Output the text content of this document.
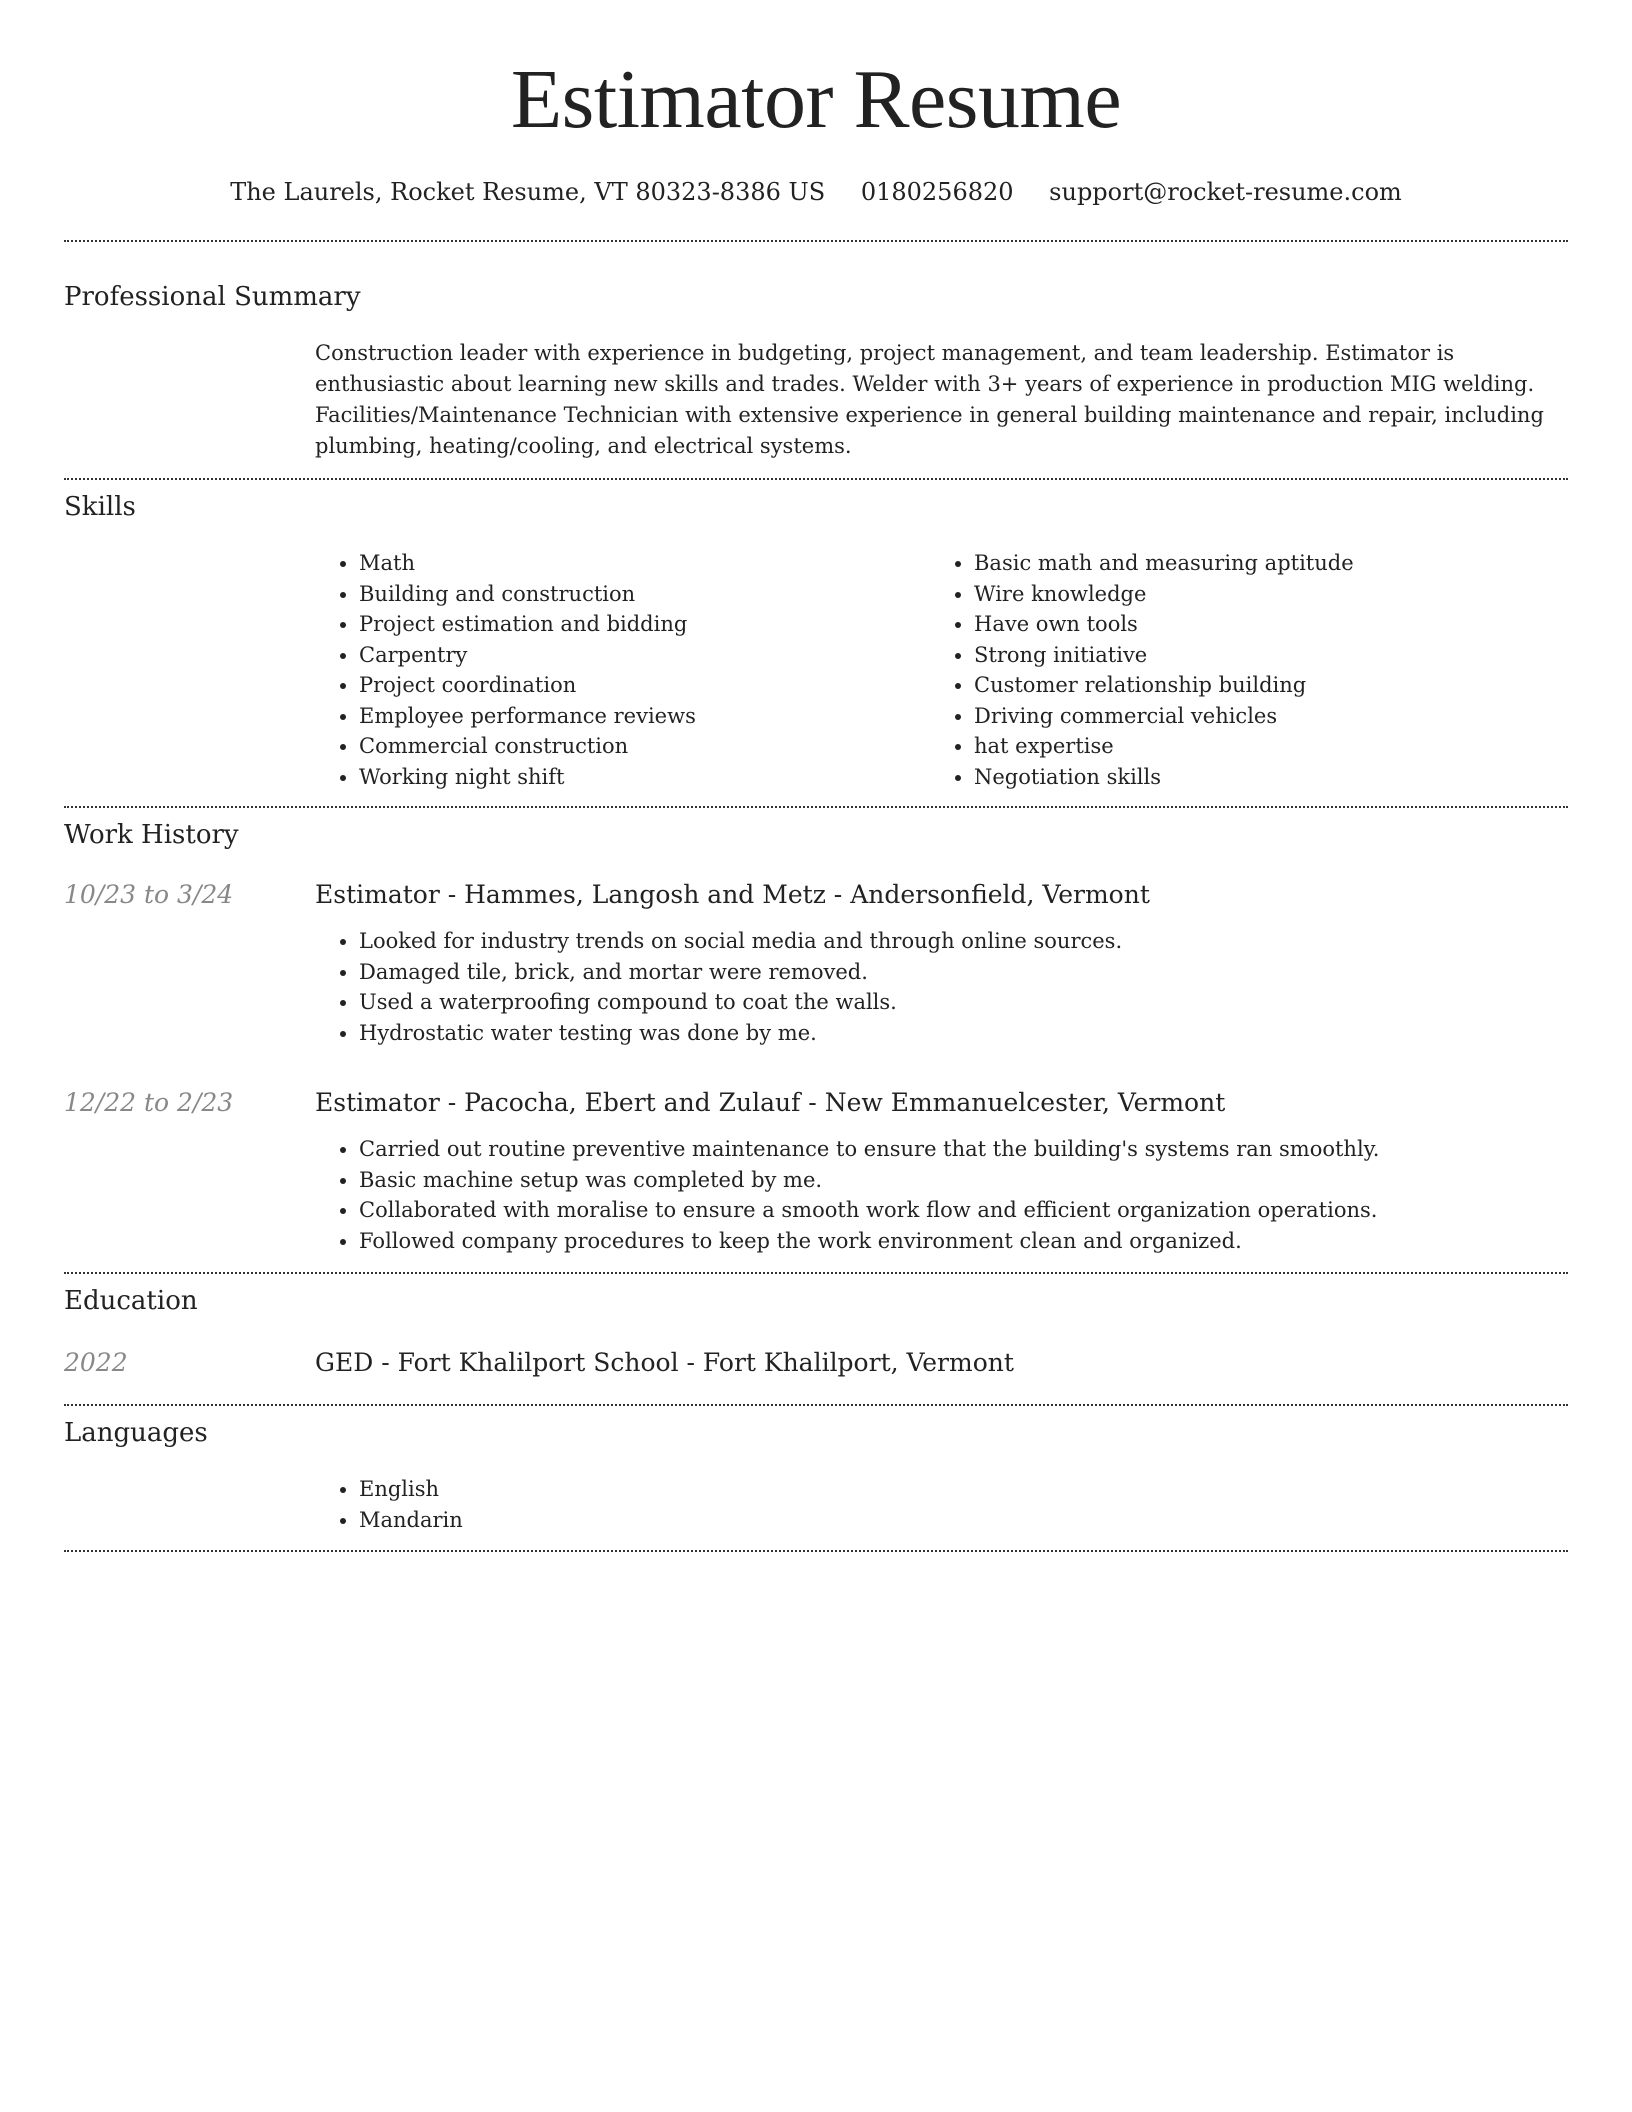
Estimator Resume
The Laurels, Rocket Resume, VT 80323-8386 US 0180256820 support@rocket-resume.com
Professional Summary

Construction leader with experience in budgeting, project management, and team leadership. Estimator is enthusiastic about learning new skills and trades. Welder with 3+ years of experience in production MIG welding. Facilities/Maintenance Technician with extensive experience in general building maintenance and repair, including plumbing, heating/cooling, and electrical systems.

Skills
• Math
• Building and construction
• Project estimation and bidding
• Carpentry
• Project coordination
• Employee performance reviews
• Commercial construction
• Working night shift
• Basic math and measuring aptitude
• Wire knowledge
• Have own tools
• Strong initiative
• Customer relationship building
• Driving commercial vehicles
• hat expertise
• Negotiation skills
Work History
10/23 to 3/24	Estimator - Hammes, Langosh and Metz - Andersonfield, Vermont
• Looked for industry trends on social media and through online sources.
• Damaged tile, brick, and mortar were removed.
• Used a waterproofing compound to coat the walls.
• Hydrostatic water testing was done by me.
12/22 to 2/23	Estimator - Pacocha, Ebert and Zulauf - New Emmanuelcester, Vermont
• Carried out routine preventive maintenance to ensure that the building's systems ran smoothly.
• Basic machine setup was completed by me.
• Collaborated with moralise to ensure a smooth work flow and efficient organization operations.
• Followed company procedures to keep the work environment clean and organized.
Education
2022	GED - Fort Khalilport School - Fort Khalilport, Vermont
Languages
• English
• Mandarin
